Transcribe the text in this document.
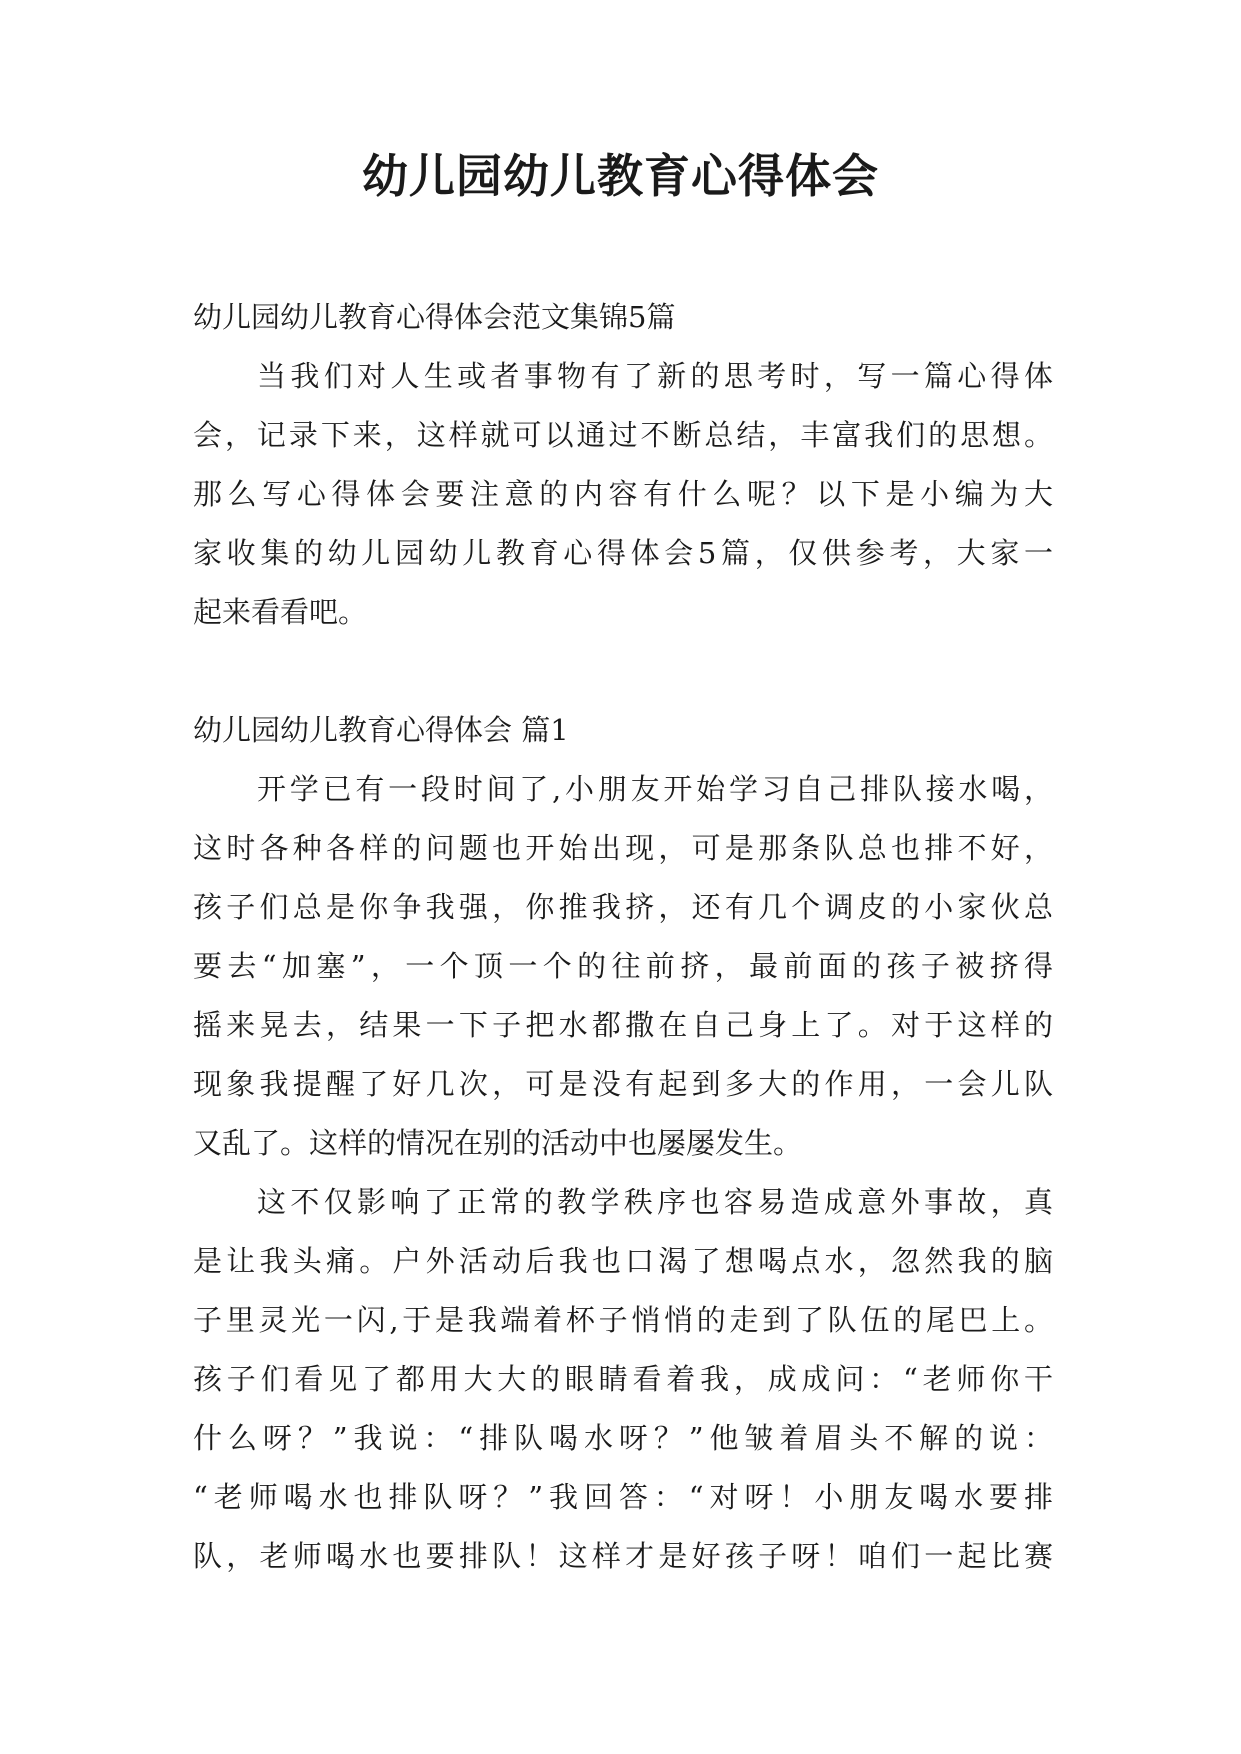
幼儿园幼儿教育心得体会

幼儿园幼儿教育心得体会范文集锦5篇

当我们对人生或者事物有了新的思考时，写一篇心得体

会，记录下来，这样就可以通过不断总结，丰富我们的思想。

那么写心得体会要注意的内容有什么呢？以下是小编为大

家收集的幼儿园幼儿教育心得体会5篇，仅供参考，大家一

起来看看吧。

幼儿园幼儿教育心得体会 篇1

开学已有一段时间了,小朋友开始学习自己排队接水喝，

这时各种各样的问题也开始出现，可是那条队总也排不好，

孩子们总是你争我强，你推我挤，还有几个调皮的小家伙总

要去“加塞”，一个顶一个的往前挤，最前面的孩子被挤得

摇来晃去，结果一下子把水都撒在自己身上了。对于这样的

现象我提醒了好几次，可是没有起到多大的作用，一会儿队

又乱了。这样的情况在别的活动中也屡屡发生。

这不仅影响了正常的教学秩序也容易造成意外事故，真

是让我头痛。户外活动后我也口渴了想喝点水，忽然我的脑

子里灵光一闪,于是我端着杯子悄悄的走到了队伍的尾巴上。

孩子们看见了都用大大的眼睛看着我，成成问：“老师你干

什么呀？”我说：“排队喝水呀？”他皱着眉头不解的说：

“老师喝水也排队呀？”我回答：“对呀！小朋友喝水要排

队，老师喝水也要排队！这样才是好孩子呀！咱们一起比赛
